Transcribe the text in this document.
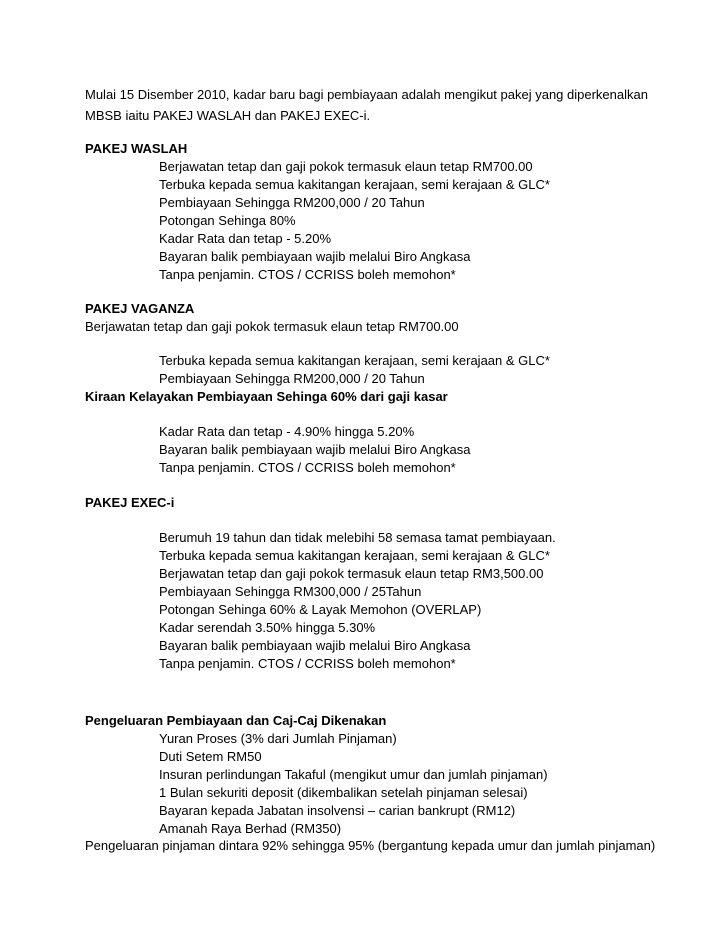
Mulai 15 Disember 2010, kadar baru bagi pembiayaan adalah mengikut pakej yang diperkenalkan
MBSB iaitu PAKEJ WASLAH dan PAKEJ EXEC-i.
PAKEJ WASLAH
Berjawatan tetap dan gaji pokok termasuk elaun tetap RM700.00
Terbuka kepada semua kakitangan kerajaan, semi kerajaan & GLC*
Pembiayaan Sehingga RM200,000 / 20 Tahun
Potongan Sehinga 80%
Kadar Rata dan tetap - 5.20%
Bayaran balik pembiayaan wajib melalui Biro Angkasa
Tanpa penjamin. CTOS / CCRISS boleh memohon*
PAKEJ VAGANZA
Berjawatan tetap dan gaji pokok termasuk elaun tetap RM700.00
Terbuka kepada semua kakitangan kerajaan, semi kerajaan & GLC*
Pembiayaan Sehingga RM200,000 / 20 Tahun
Kiraan Kelayakan Pembiayaan Sehinga 60% dari gaji kasar
Kadar Rata dan tetap - 4.90% hingga 5.20%
Bayaran balik pembiayaan wajib melalui Biro Angkasa
Tanpa penjamin. CTOS / CCRISS boleh memohon*
PAKEJ EXEC-i
Berumuh 19 tahun dan tidak melebihi 58 semasa tamat pembiayaan.
Terbuka kepada semua kakitangan kerajaan, semi kerajaan & GLC*
Berjawatan tetap dan gaji pokok termasuk elaun tetap RM3,500.00
Pembiayaan Sehingga RM300,000 / 25Tahun
Potongan Sehinga 60% & Layak Memohon (OVERLAP)
Kadar serendah 3.50% hingga 5.30%
Bayaran balik pembiayaan wajib melalui Biro Angkasa
Tanpa penjamin. CTOS / CCRISS boleh memohon*
Pengeluaran Pembiayaan dan Caj-Caj Dikenakan
Yuran Proses (3% dari Jumlah Pinjaman)
Duti Setem RM50
Insuran perlindungan Takaful (mengikut umur dan jumlah pinjaman)
1 Bulan sekuriti deposit (dikembalikan setelah pinjaman selesai)
Bayaran kepada Jabatan insolvensi – carian bankrupt (RM12)
Amanah Raya Berhad (RM350)
Pengeluaran pinjaman dintara 92% sehingga 95% (bergantung kepada umur dan jumlah pinjaman)
